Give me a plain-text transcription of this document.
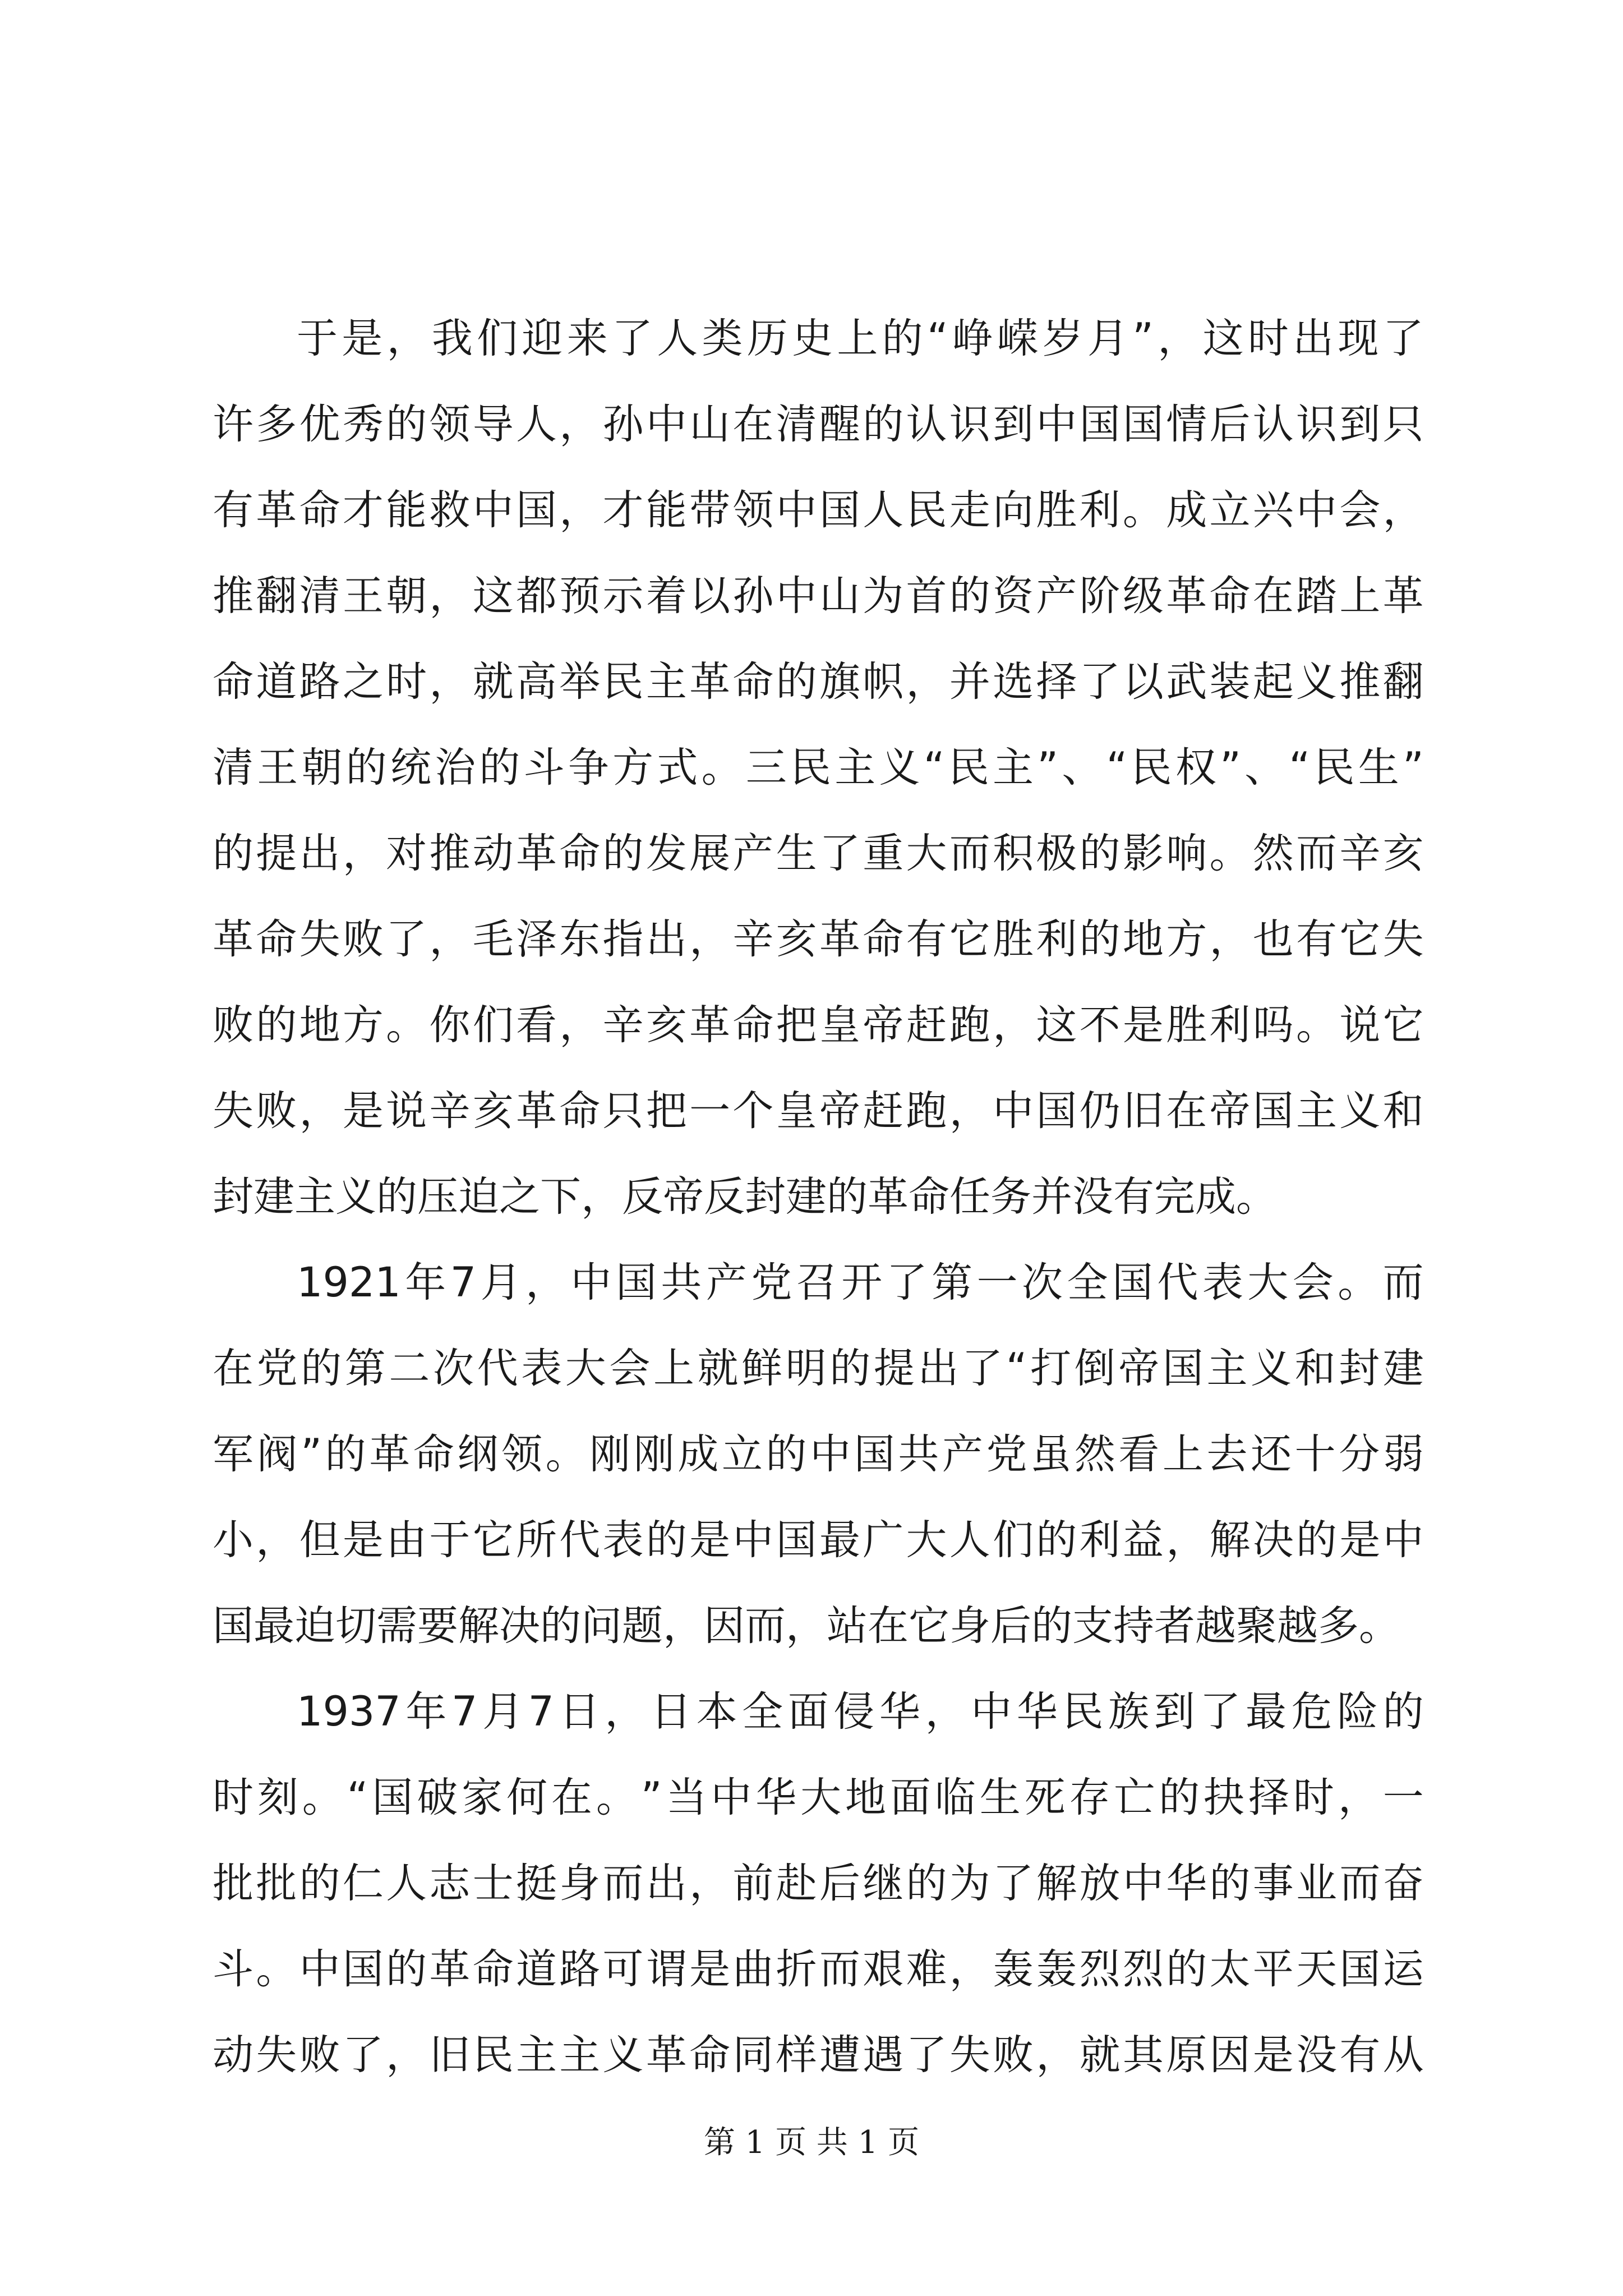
于 是 ， 我 们 迎 来 了 人 类 历 史 上 的 “ 峥 嵘 岁 月 ” ， 这 时 出 现 了
许 多 优 秀 的 领 导 人 ， 孙 中 山 在 清 醒 的 认 识 到 中 国 国 情 后 认 识 到 只
有 革 命 才 能 救 中 国 ， 才 能 带 领 中 国 人 民 走 向 胜 利 。 成 立 兴 中 会 ，
推 翻 清 王 朝 ， 这 都 预 示 着 以 孙 中 山 为 首 的 资 产 阶 级 革 命 在 踏 上 革
命 道 路 之 时 ， 就 高 举 民 主 革 命 的 旗 帜 ， 并 选 择 了 以 武 装 起 义 推 翻
清 王 朝 的 统 治 的 斗 争 方 式 。 三 民 主 义 “ 民 主 ” 、 “ 民 权 ” 、 “ 民 生 ”
的 提 出 ， 对 推 动 革 命 的 发 展 产 生 了 重 大 而 积 极 的 影 响 。 然 而 辛 亥
革 命 失 败 了 ， 毛 泽 东 指 出 ， 辛 亥 革 命 有 它 胜 利 的 地 方 ， 也 有 它 失
败 的 地 方 。 你 们 看 ， 辛 亥 革 命 把 皇 帝 赶 跑 ， 这 不 是 胜 利 吗 。 说 它
失 败 ， 是 说 辛 亥 革 命 只 把 一 个 皇 帝 赶 跑 ， 中 国 仍 旧 在 帝 国 主 义 和
封建主义的压迫之下，反帝反封建的革命任务并没有完成。
1921 年 7 月 ， 中 国 共 产 党 召 开 了 第 一 次 全 国 代 表 大 会 。 而
在 党 的 第 二 次 代 表 大 会 上 就 鲜 明 的 提 出 了 “ 打 倒 帝 国 主 义 和 封 建
军 阀 ” 的 革 命 纲 领 。 刚 刚 成 立 的 中 国 共 产 党 虽 然 看 上 去 还 十 分 弱
小 ， 但 是 由 于 它 所 代 表 的 是 中 国 最 广 大 人 们 的 利 益 ， 解 决 的 是 中
国最迫切需要解决的问题，因而，站在它身后的支持者越聚越多。
1937 年 7 月 7 日 ， 日 本 全 面 侵 华 ， 中 华 民 族 到 了 最 危 险 的
时 刻 。 “ 国 破 家 何 在 。 ” 当 中 华 大 地 面 临 生 死 存 亡 的 抉 择 时 ， 一
批 批 的 仁 人 志 士 挺 身 而 出 ， 前 赴 后 继 的 为 了 解 放 中 华 的 事 业 而 奋
斗 。 中 国 的 革 命 道 路 可 谓 是 曲 折 而 艰 难 ， 轰 轰 烈 烈 的 太 平 天 国 运
动 失 败 了 ， 旧 民 主 主 义 革 命 同 样 遭 遇 了 失 败 ， 就 其 原 因 是 没 有 从
第 1 页 共 1 页
